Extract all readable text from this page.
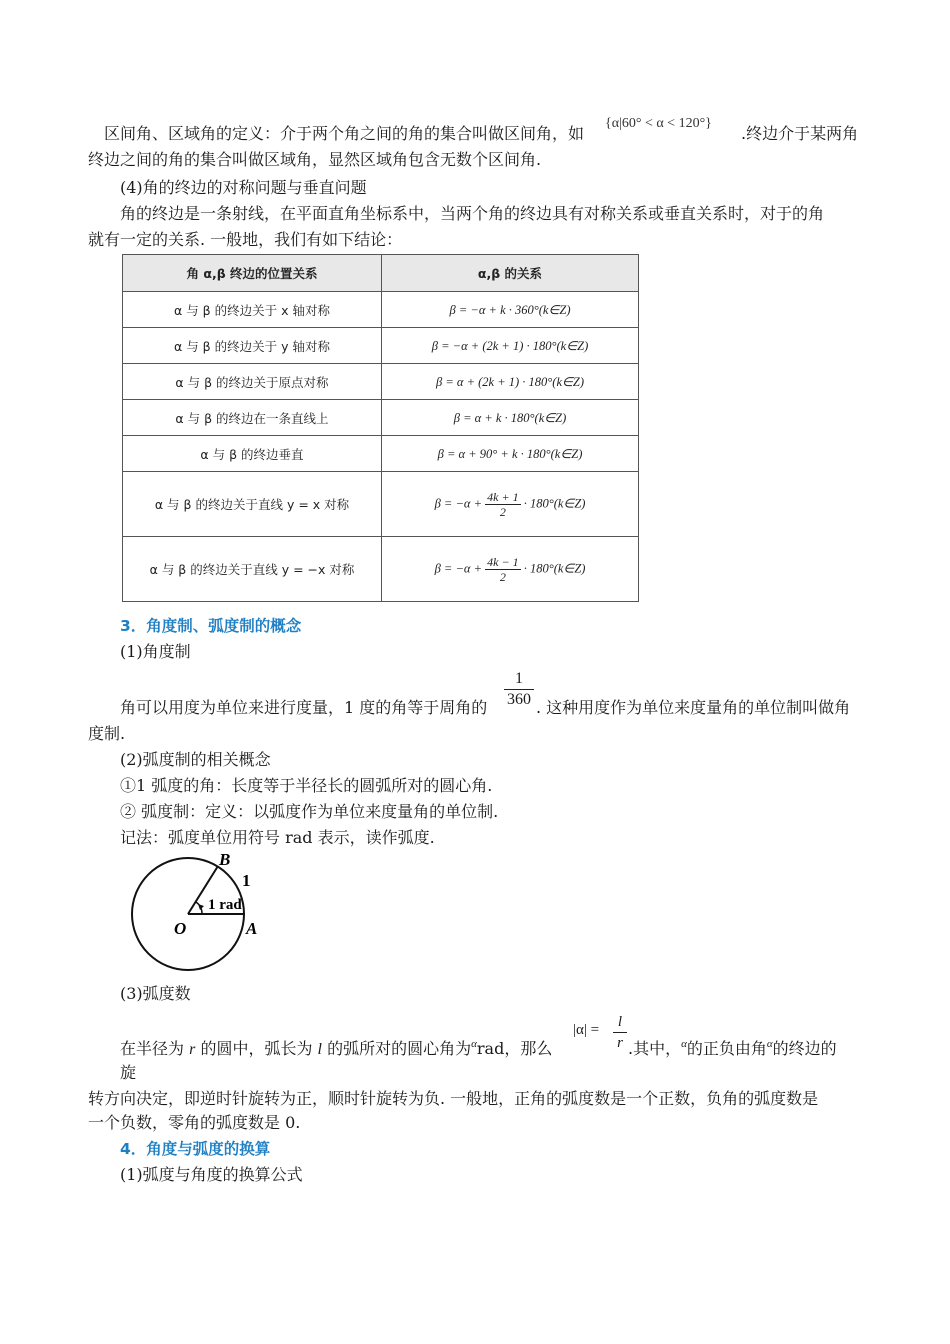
区间角、区域角的定义：介于两个角之间的角的集合叫做区间角，如
{α|60° < α < 120°}
.终边介于某两角
终边之间的角的集合叫做区域角，显然区域角包含无数个区间角.
(4)角的终边的对称问题与垂直问题
角的终边是一条射线，在平面直角坐标系中，当两个角的终边具有对称关系或垂直关系时，对于的角
就有一定的关系. 一般地，我们有如下结论：
角 α,β 终边的位置关系	α,β 的关系
α 与 β 的终边关于 x 轴对称	β = −α + k · 360°(k∈Z)
α 与 β 的终边关于 y 轴对称	β = −α + (2k + 1) · 180°(k∈Z)
α 与 β 的终边关于原点对称	β = α + (2k + 1) · 180°(k∈Z)
α 与 β 的终边在一条直线上	β = α + k · 180°(k∈Z)
α 与 β 的终边垂直	β = α + 90° + k · 180°(k∈Z)
α 与 β 的终边关于直线 y = x 对称	$\beta = -\alpha + \frac{4k + 1}{2}$ · 180°(k∈Z)
α 与 β 的终边关于直线 y = −x 对称	$\beta = -\alpha + \frac{4k - 1}{2}$ · 180°(k∈Z)
3．角度制、弧度制的概念
(1)角度制
角可以用度为单位来进行度量，1 度的角等于周角的	$\frac{1}{360}$ . 这种用度作为单位来度量角的单位制叫做角
度制.
(2)弧度制的相关概念
①1 弧度的角：长度等于半径长的圆弧所对的圆心角.
② 弧度制：定义：以弧度作为单位来度量角的单位制.
记法：弧度单位用符号 rad 表示，读作弧度.
B
1
1 rad
O	A
(3)弧度数
在半径为 r 的圆中，弧长为 l 的弧所对的圆心角为$^\alpha$rad，那么
$|\alpha| = \frac{l}{r}$ .其中，$^\alpha$的正负由角$^\alpha$的终边的
旋
转方向决定，即逆时针旋转为正，顺时针旋转为负. 一般地，正角的弧度数是一个正数，负角的弧度数是
一个负数，零角的弧度数是 0.
4．角度与弧度的换算
(1)弧度与角度的换算公式
